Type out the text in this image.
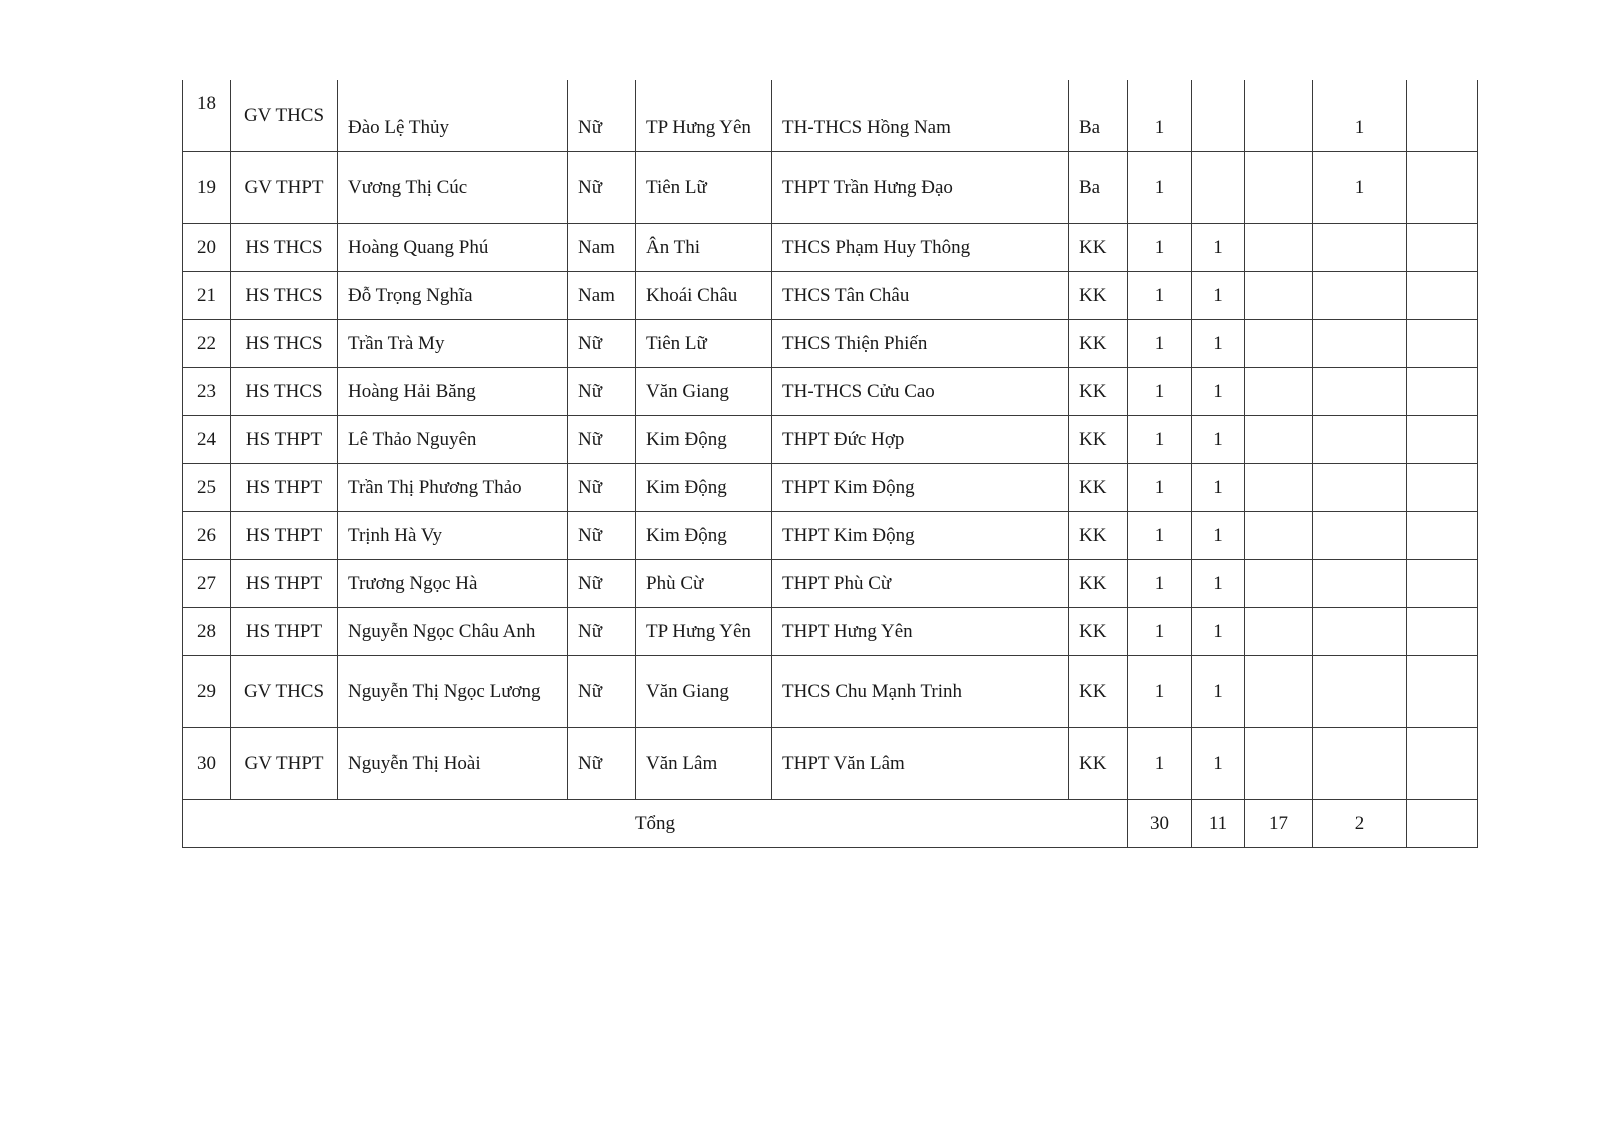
18	GV THCS	Đào Lệ Thủy	Nữ	TP Hưng Yên	TH-THCS Hồng Nam	Ba	1			1	
19	GV THPT	Vương Thị Cúc	Nữ	Tiên Lữ	THPT Trần Hưng Đạo	Ba	1			1	
20	HS THCS	Hoàng Quang Phú	Nam	Ân Thi	THCS Phạm Huy Thông	KK	1	1			
21	HS THCS	Đỗ Trọng Nghĩa	Nam	Khoái Châu	THCS Tân Châu	KK	1	1			
22	HS THCS	Trần Trà My	Nữ	Tiên Lữ	THCS Thiện Phiến	KK	1	1			
23	HS THCS	Hoàng Hải Băng	Nữ	Văn Giang	TH-THCS Cửu Cao	KK	1	1			
24	HS THPT	Lê Thảo Nguyên	Nữ	Kim Động	THPT Đức Hợp	KK	1	1			
25	HS THPT	Trần Thị Phương Thảo	Nữ	Kim Động	THPT Kim Động	KK	1	1			
26	HS THPT	Trịnh Hà Vy	Nữ	Kim Động	THPT Kim Động	KK	1	1			
27	HS THPT	Trương Ngọc Hà	Nữ	Phù Cừ	THPT Phù Cừ	KK	1	1			
28	HS THPT	Nguyễn Ngọc Châu Anh	Nữ	TP Hưng Yên	THPT Hưng Yên	KK	1	1			
29	GV THCS	Nguyễn Thị Ngọc Lương	Nữ	Văn Giang	THCS Chu Mạnh Trinh	KK	1	1			
30	GV THPT	Nguyễn Thị Hoài	Nữ	Văn Lâm	THPT Văn Lâm	KK	1	1			
Tổng							30	11	17	2	
